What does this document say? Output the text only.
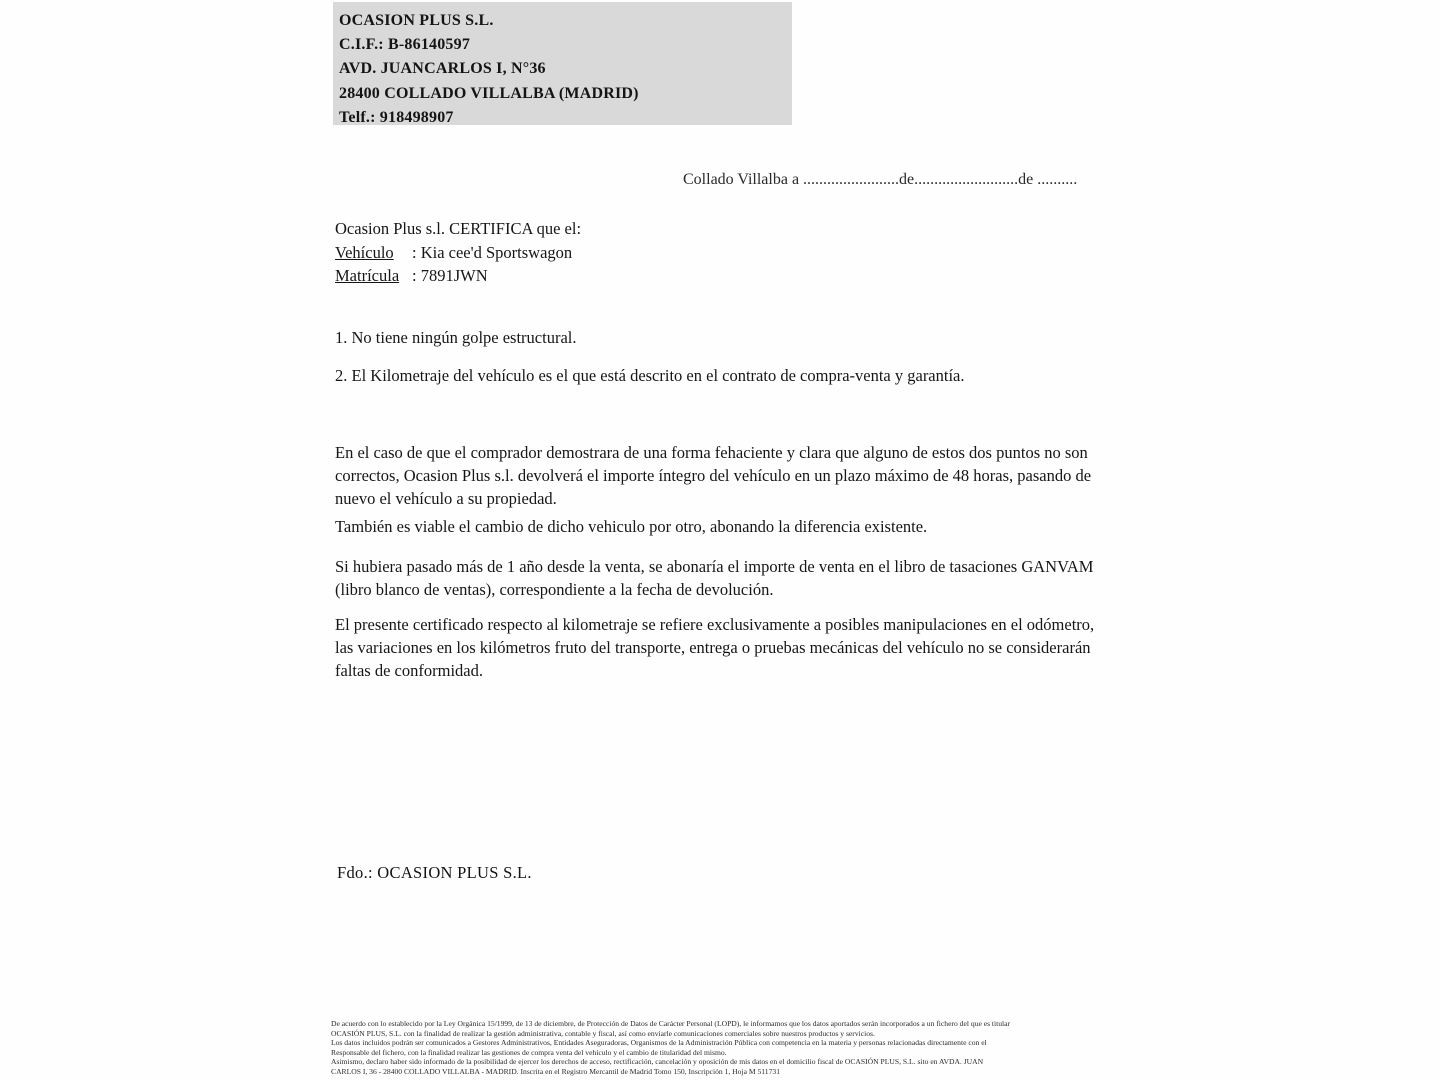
OCASION PLUS S.L.
C.I.F.: B-86140597
AVD. JUANCARLOS I, N°36
28400 COLLADO VILLALBA (MADRID)
Telf.: 918498907
Collado Villalba a ........................de..........................de ..........
Ocasion Plus s.l. CERTIFICA que el:
Vehículo : Kia cee'd Sportswagon
Matrícula : 7891JWN
1. No tiene ningún golpe estructural.
2. El Kilometraje del vehículo es el que está descrito en el contrato de compra-venta y garantía.
En el caso de que el comprador demostrara de una forma fehaciente y clara que alguno de estos dos puntos no son correctos, Ocasion Plus s.l. devolverá el importe íntegro del vehículo en un plazo máximo de 48 horas, pasando de nuevo el vehículo a su propiedad.
También es viable el cambio de dicho vehiculo por otro, abonando la diferencia existente.
Si hubiera pasado más de 1 año desde la venta, se abonaría el importe de venta en el libro de tasaciones GANVAM (libro blanco de ventas), correspondiente a la fecha de devolución.
El presente certificado respecto al kilometraje se refiere exclusivamente a posibles manipulaciones en el odómetro, las variaciones en los kilómetros fruto del transporte, entrega o pruebas mecánicas del vehículo no se considerarán faltas de conformidad.
Fdo.: OCASION PLUS S.L.
De acuerdo con lo establecido por la Ley Orgánica 15/1999, de 13 de diciembre, de Protección de Datos de Carácter Personal (LOPD), le informamos que los datos aportados serán incorporados a un fichero del que es titular
OCASIÓN PLUS, S.L. con la finalidad de realizar la gestión administrativa, contable y fiscal, así como enviarle comunicaciones comerciales sobre nuestros productos y servicios.
Los datos incluidos podrán ser comunicados a Gestores Administrativos, Entidades Aseguradoras, Organismos de la Administración Pública con competencia en la materia y personas relacionadas directamente con el
Responsable del fichero, con la finalidad realizar las gestiones de compra venta del vehículo y el cambio de titularidad del mismo.
Asimismo, declaro haber sido informado de la posibilidad de ejercer los derechos de acceso, rectificación, cancelación y oposición de mis datos en el domicilio fiscal de OCASIÓN PLUS, S.L. sito en AVDA. JUAN
CARLOS I, 36 - 28400 COLLADO VILLALBA - MADRID. Inscrita en el Registro Mercantil de Madrid Tomo 150, Inscripción 1, Hoja M 511731
